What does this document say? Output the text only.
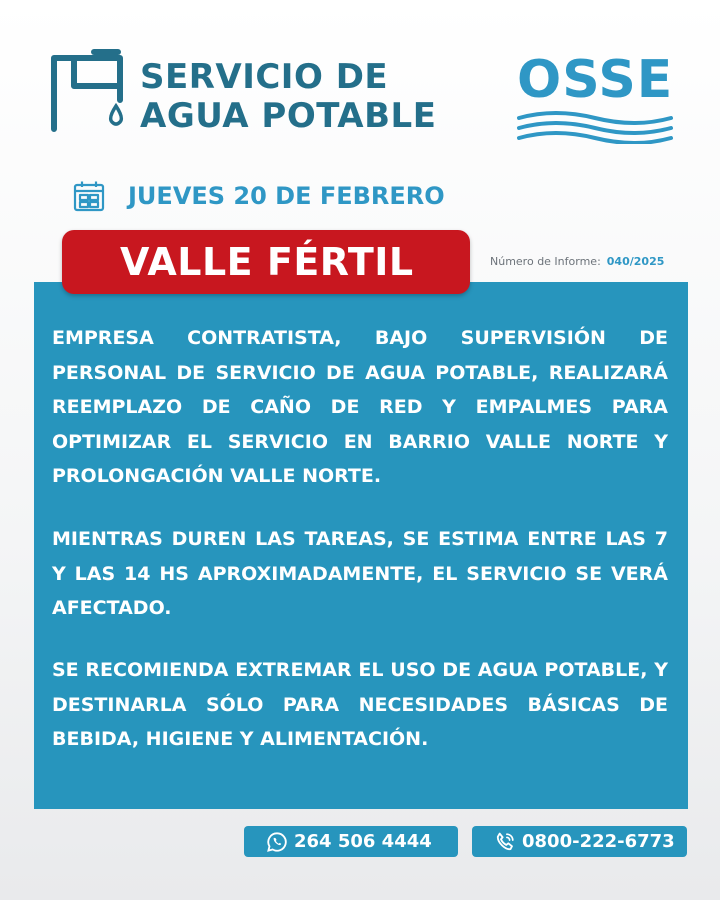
SERVICIO DE
AGUA POTABLE
OSSE
JUEVES 20 DE FEBRERO
VALLE FÉRTIL	Número de Informe: 040/2025

EMPRESA CONTRATISTA, BAJO SUPERVISIÓN DE PERSONAL DE SERVICIO DE AGUA POTABLE, REALIZARÁ REEMPLAZO DE CAÑO DE RED Y EMPALMES PARA OPTIMIZAR EL SERVICIO EN BARRIO VALLE NORTE Y PROLONGACIÓN VALLE NORTE.

MIENTRAS DUREN LAS TAREAS, SE ESTIMA ENTRE LAS 7 Y LAS 14 HS APROXIMADAMENTE, EL SERVICIO SE VERÁ AFECTADO.

SE RECOMIENDA EXTREMAR EL USO DE AGUA POTABLE, Y DESTINARLA SÓLO PARA NECESIDADES BÁSICAS DE BEBIDA, HIGIENE Y ALIMENTACIÓN.

264 506 4444	0800-222-6773
